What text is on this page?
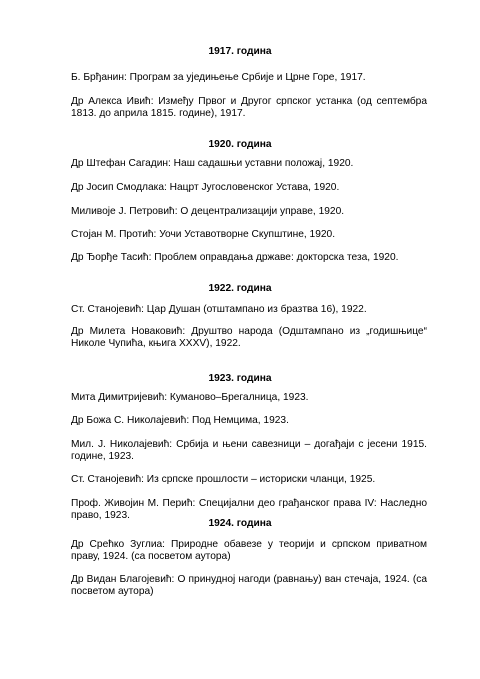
1917. година
Б. Брђанин: Програм за уједињење Србије и Црне Горе, 1917.
Др Алекса Ивић: Између Првог и Другог српског устанка (од септембра 1813. до априла 1815. године), 1917.
1920. година
Др Штефан Сагадин: Наш садашњи уставни положај, 1920.
Др Јосип Смодлака: Нацрт Југословенског Устава, 1920.
Миливоје Ј. Петровић: О децентрализацији управе, 1920.
Стојан М. Протић: Уочи Уставотворне Скупштине, 1920.
Др Ђорђе Тасић: Проблем оправдања државе: докторска теза, 1920.
1922. година
Ст. Станојевић: Цар Душан (отштампано из бразтва 16), 1922.
Др Милета Новаковић: Друштво народа (Одштампано из „годишњице“ Николе Чупића, књига XXXV), 1922.
1923. година
Мита Димитријевић: Куманово–Брегалница, 1923.
Др Божа С. Николајевић: Под Немцима, 1923.
Мил. Ј. Николајевић: Србија и њени савезници – догађаји с јесени 1915. године, 1923.
Ст. Станојевић: Из српске прошлости – историски чланци, 1925.
Проф. Живојин М. Перић: Специјални део грађанског права IV: Наследно право, 1923.
1924. година
Др Срећко Зуглиа: Природне обавезе у теорији и српском приватном праву, 1924. (са посветом аутора)
Др Видан Благојевић: О принудној нагоди (равнању) ван стечаја, 1924. (са посветом аутора)
